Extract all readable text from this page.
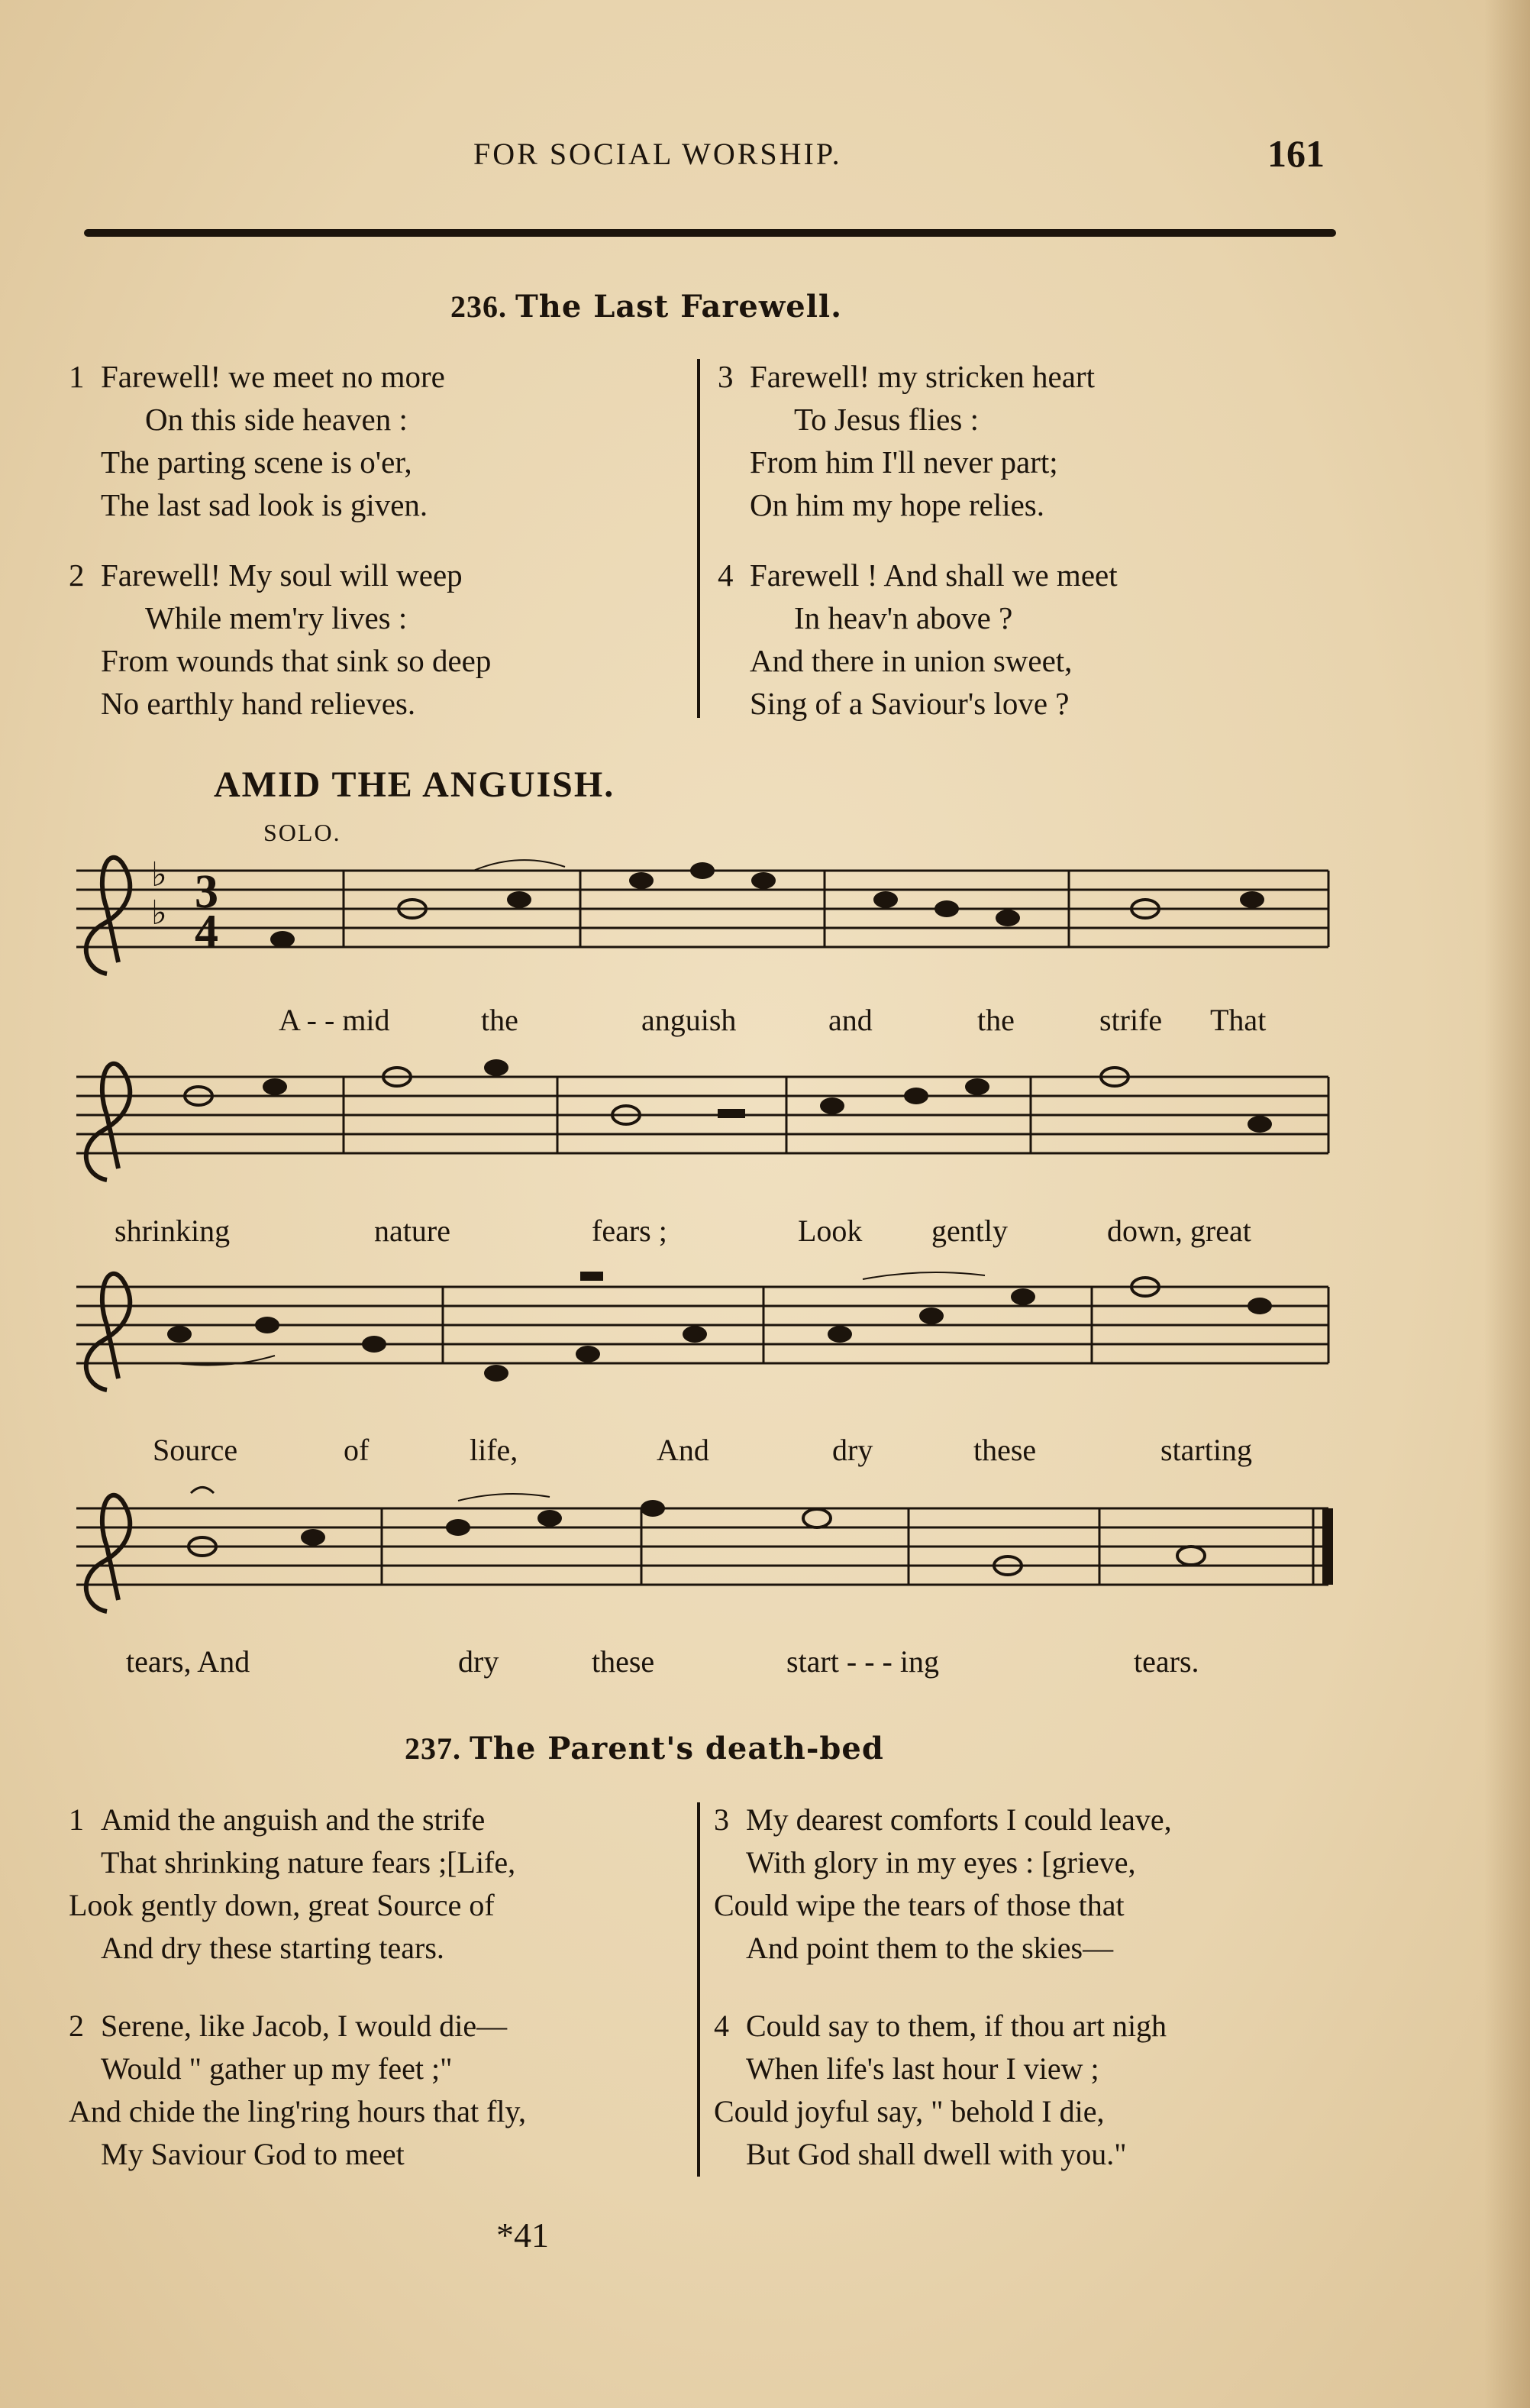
FOR SOCIAL WORSHIP.	161
236. The Last Farewell.
1 Farewell! we meet no more
On this side heaven :
The parting scene is o'er,
The last sad look is given.
2 Farewell! My soul will weep
While mem'ry lives :
From wounds that sink so deep
No earthly hand relieves.
3 Farewell! my stricken heart
To Jesus flies :
From him I'll never part;
On him my hope relies.
4 Farewell ! And shall we meet
In heav'n above ?
And there in union sweet,
Sing of a Saviour's love ?
AMID THE ANGUISH.
SOLO.
3
4
♭
♭
A - - mid	the	anguish	and	the	strife That
shrinking	nature	fears ;	Look gently	down, great
Source	of	life,	And	dry	these	starting
tears, And	dry	these	start - - - ing	tears.
237. The Parent's death-bed
1 Amid the anguish and the strife
That shrinking nature fears ;[Life,
Look gently down, great Source of
And dry these starting tears.
2 Serene, like Jacob, I would die—
Would " gather up my feet ;"
And chide the ling'ring hours that fly,
My Saviour God to meet
3 My dearest comforts I could leave,
With glory in my eyes : [grieve,
Could wipe the tears of those that
And point them to the skies—
4 Could say to them, if thou art nigh
When life's last hour I view ;
Could joyful say, " behold I die,
But God shall dwell with you."
*41
